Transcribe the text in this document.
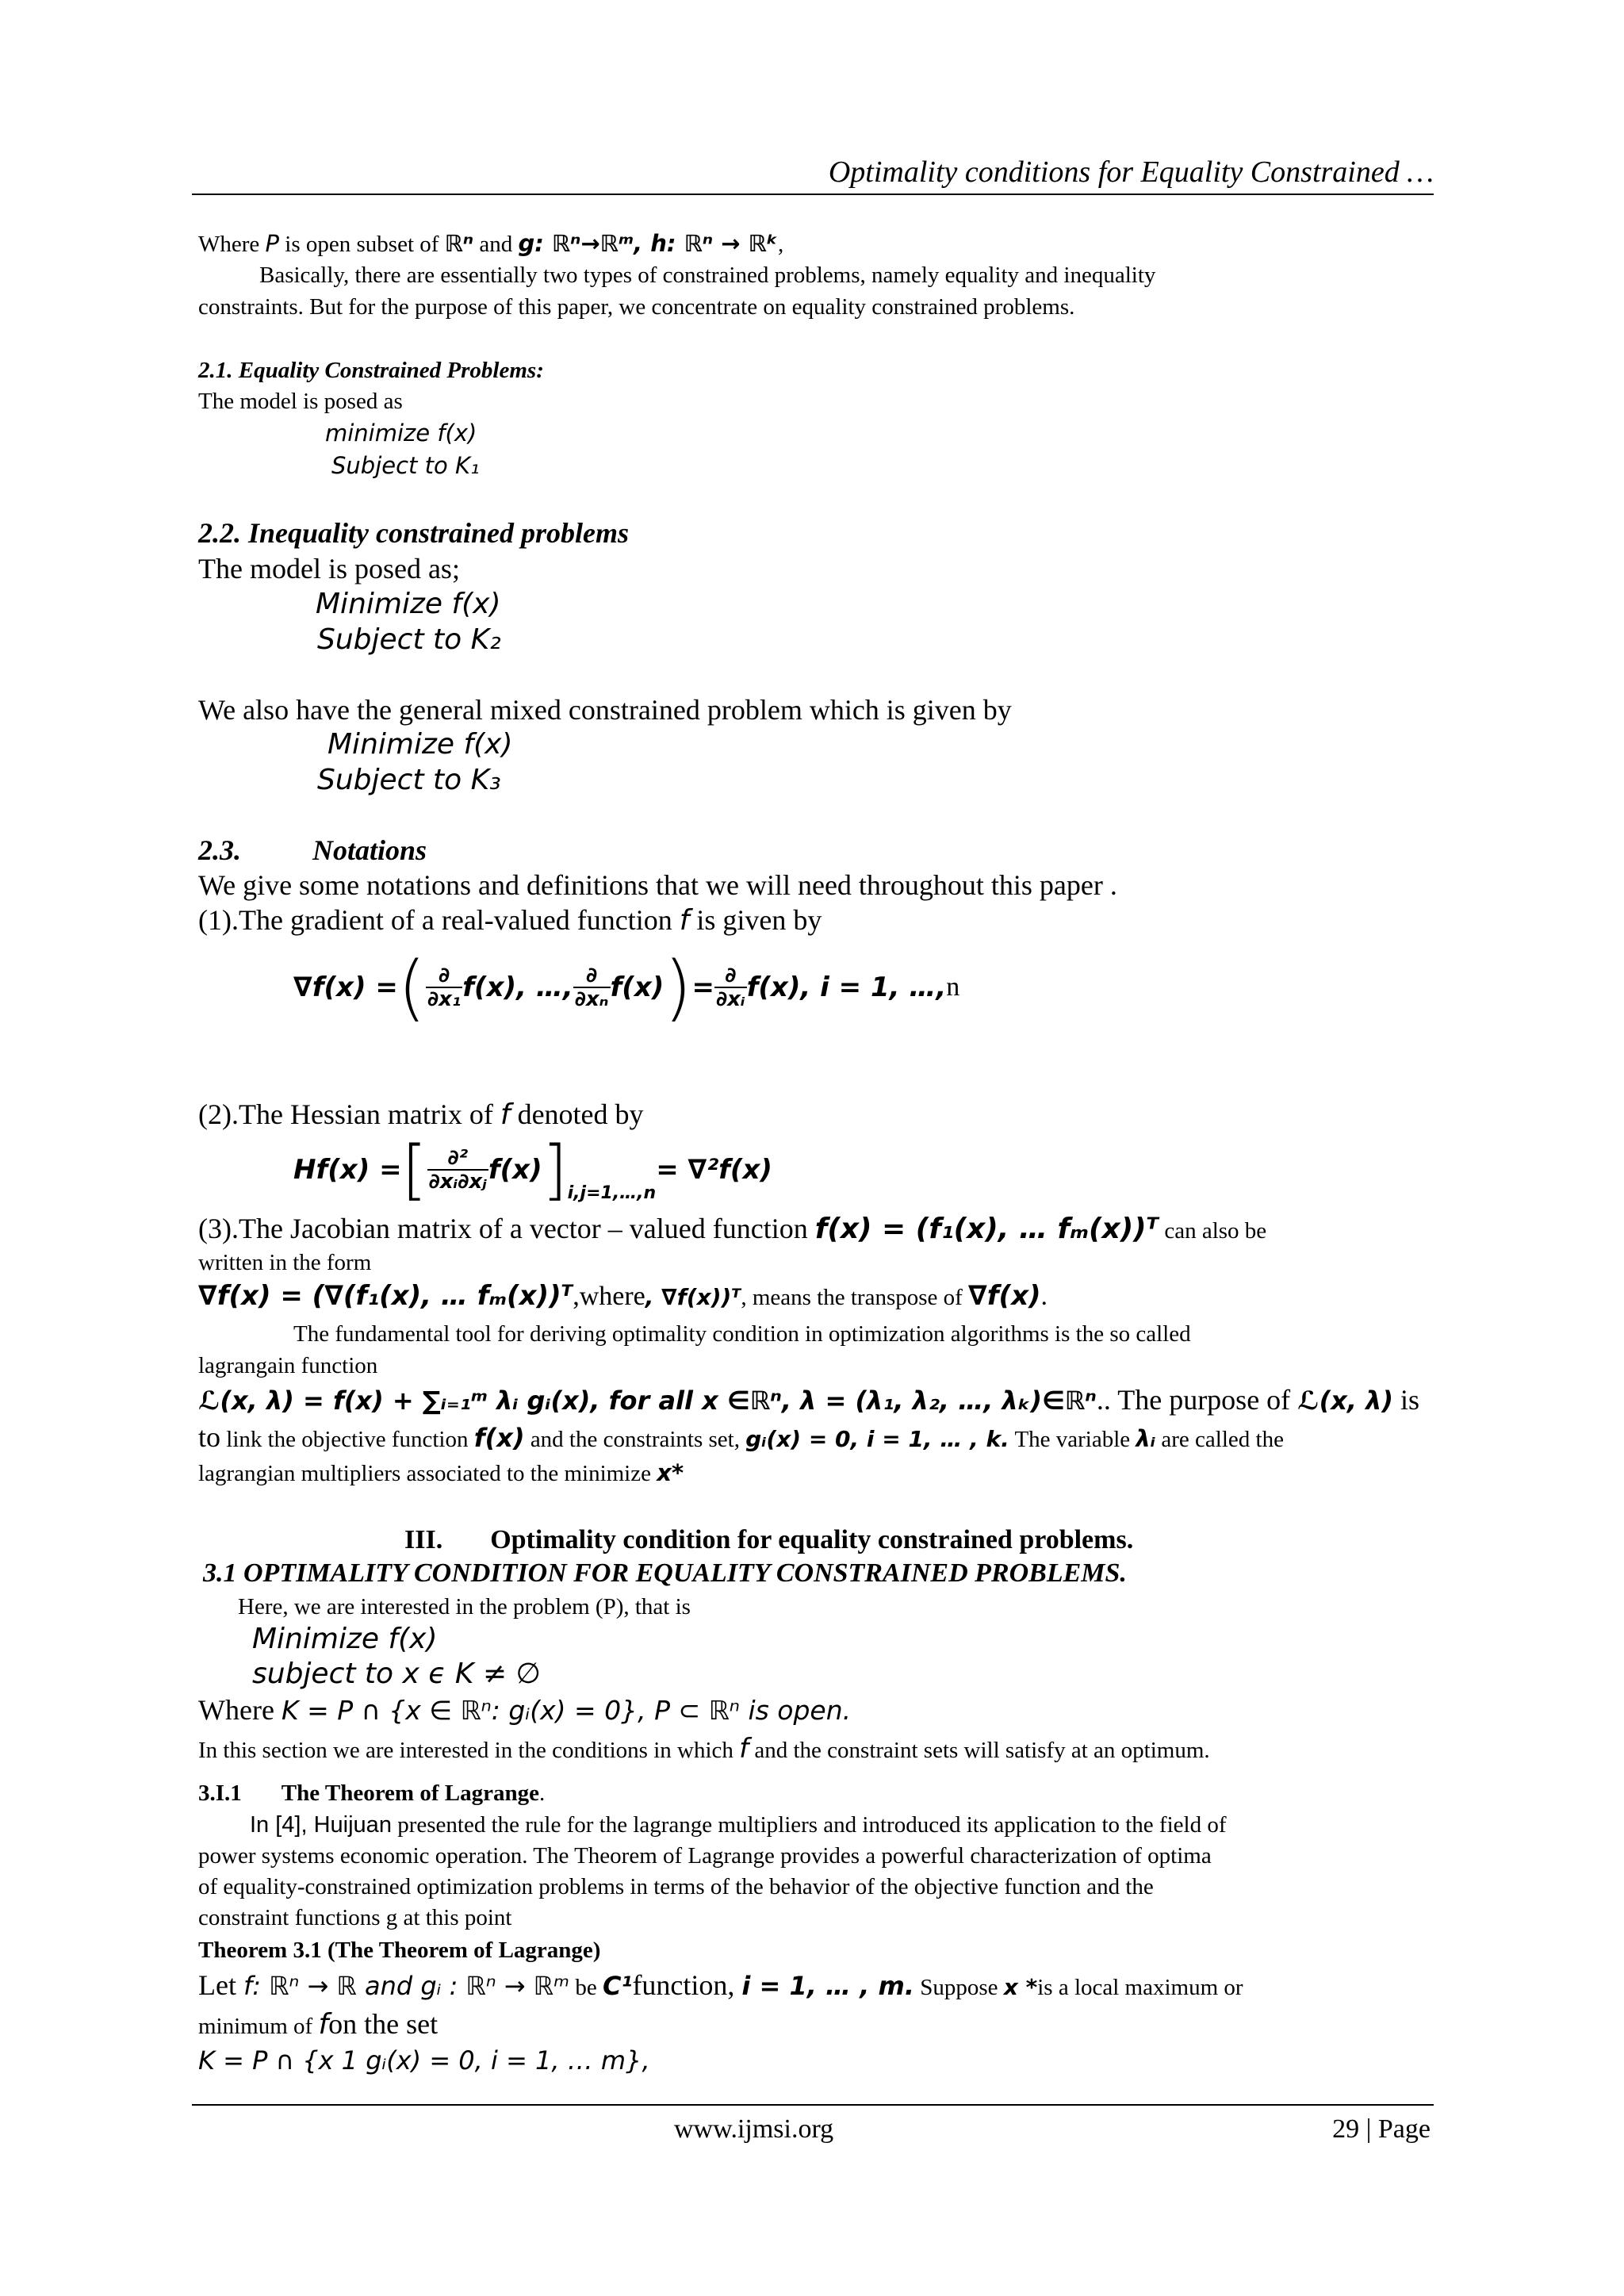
Optimality conditions for Equality Constrained …
Where P is open subset of ℝⁿ and g: ℝⁿ→ℝᵐ, h: ℝⁿ → ℝᵏ,
Basically, there are essentially two types of constrained problems, namely equality and inequality
constraints. But for the purpose of this paper, we concentrate on equality constrained problems.
2.1. Equality Constrained Problems:
The model is posed as
minimize f(x)
Subject to K₁
2.2. Inequality constrained problems
The model is posed as;
Minimize f(x)
Subject to K₂
We also have the general mixed constrained problem which is given by
Minimize f(x)
Subject to K₃
2.3.	Notations
We give some notations and definitions that we will need throughout this paper .
(1).The gradient of a real-valued function f is given by
∇f(x) = ( $\frac{\partial}{\text{∂x₁}} f(x)$, …, $\frac{\partial}{\text{∂xₙ}} f(x)$ ) = $\frac{\partial}{\text{∂xᵢ}} f(x)$, i = 1, …, n
(2).The Hessian matrix of f denoted by
Hf(x) = [ $\frac{\text{∂²}}{\text{∂xᵢ∂xⱼ}} f(x)$ ] i,j=1,…,n
= ∇²f(x)
(3).The Jacobian matrix of a vector – valued function f(x) = (f₁(x), … fₘ(x))ᵀ can also be
written in the form
∇f(x) = (∇(f₁(x), … fₘ(x))ᵀ,where, ∇f(x))ᵀ, means the transpose of ∇f(x).
The fundamental tool for deriving optimality condition in optimization algorithms is the so called
lagrangain function
ℒ(x, λ) = f(x) + ∑ᵢ₌₁ᵐ λᵢ gᵢ(x), for all x ∈ℝⁿ, λ = (λ₁, λ₂, …, λₖ)∈ℝⁿ.. The purpose of ℒ(x, λ) is
to link the objective function f(x) and the constraints set, gᵢ(x) = 0, i = 1, … , k. The variable λᵢ are called the
lagrangian multipliers associated to the minimize x*
III. Optimality condition for equality constrained problems.
3.1 OPTIMALITY CONDITION FOR EQUALITY CONSTRAINED PROBLEMS.
Here, we are interested in the problem (P), that is
Minimize f(x)
subject to x ϵ K ≠ ∅
Where K = P ∩ {x ∈ ℝⁿ: gᵢ(x) = 0}, P ⊂ ℝⁿ is open.
In this section we are interested in the conditions in which f and the constraint sets will satisfy at an optimum.
3.I.1 The Theorem of Lagrange.
In [4], Huijuan presented the rule for the lagrange multipliers and introduced its application to the field of
power systems economic operation. The Theorem of Lagrange provides a powerful characterization of optima
of equality-constrained optimization problems in terms of the behavior of the objective function and the
constraint functions g at this point
Theorem 3.1 (The Theorem of Lagrange)
Let f: ℝⁿ → ℝ and gᵢ : ℝⁿ → ℝᵐ be C¹function, i = 1, … , m. Suppose x *is a local maximum or
minimum of fon the set
K = P ∩ {x 1 gᵢ(x) = 0, i = 1, … m},
www.ijmsi.org	29 | Page
